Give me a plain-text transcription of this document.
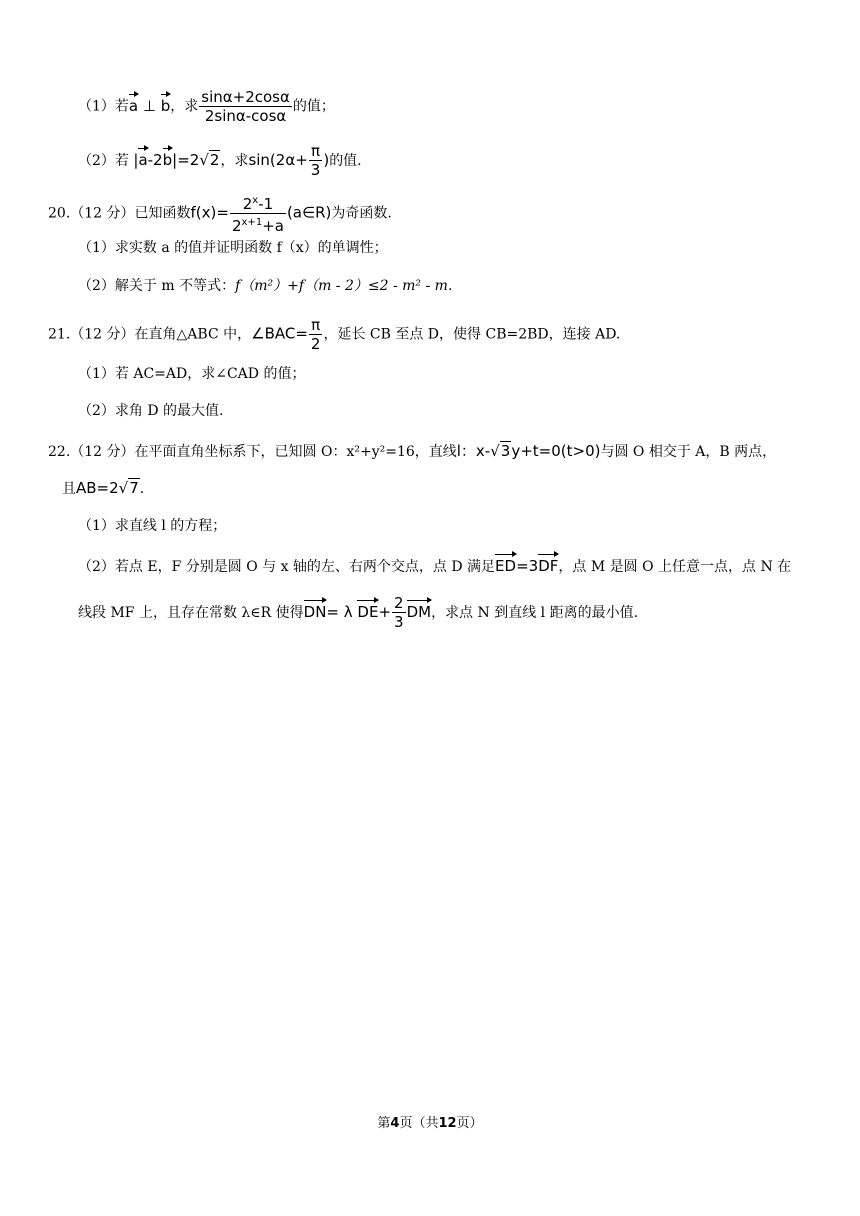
（1）若a ⊥ b，求 $\frac{\sin\alpha+2\cos\alpha}{2\sin\alpha-\cos\alpha}$ 的值；
（2）若 |a-2b|=2√2，求$\sin(2\alpha+ \frac{\pi}{3}$ )的值.
20.（12 分）已知函数$f(x)= \frac{2^x-1}{2^{x+1}+a}$ (a∈R)为奇函数.
（1）求实数 a 的值并证明函数 f（x）的单调性；
（2）解关于 m 不等式：f（m²）+f（m - 2）≤2 - m² - m.
21.（12 分）在直角△ABC 中，∠BAC= $\frac{\pi}{2}$ ，延长 CB 至点 D，使得 CB=2BD，连接 AD.
（1）若 AC=AD，求∠CAD 的值；
（2）求角 D 的最大值.
22.（12 分）在平面直角坐标系下，已知圆 O：x²+y²=16，直线l：x-√3y+t=0(t>0)与圆 O 相交于 A，B 两点，
且AB=2√7.
（1）求直线 l 的方程；
（2）若点 E，F 分别是圆 O 与 x 轴的左、右两个交点，点 D 满足ED=3DF，点 M 是圆 O 上任意一点，点 N 在
线段 MF 上，且存在常数 λ∈R 使得DN= λ $DE+ \frac{2}{3}$ DM，求点 N 到直线 l 距离的最小值.
第4页（共12页）
